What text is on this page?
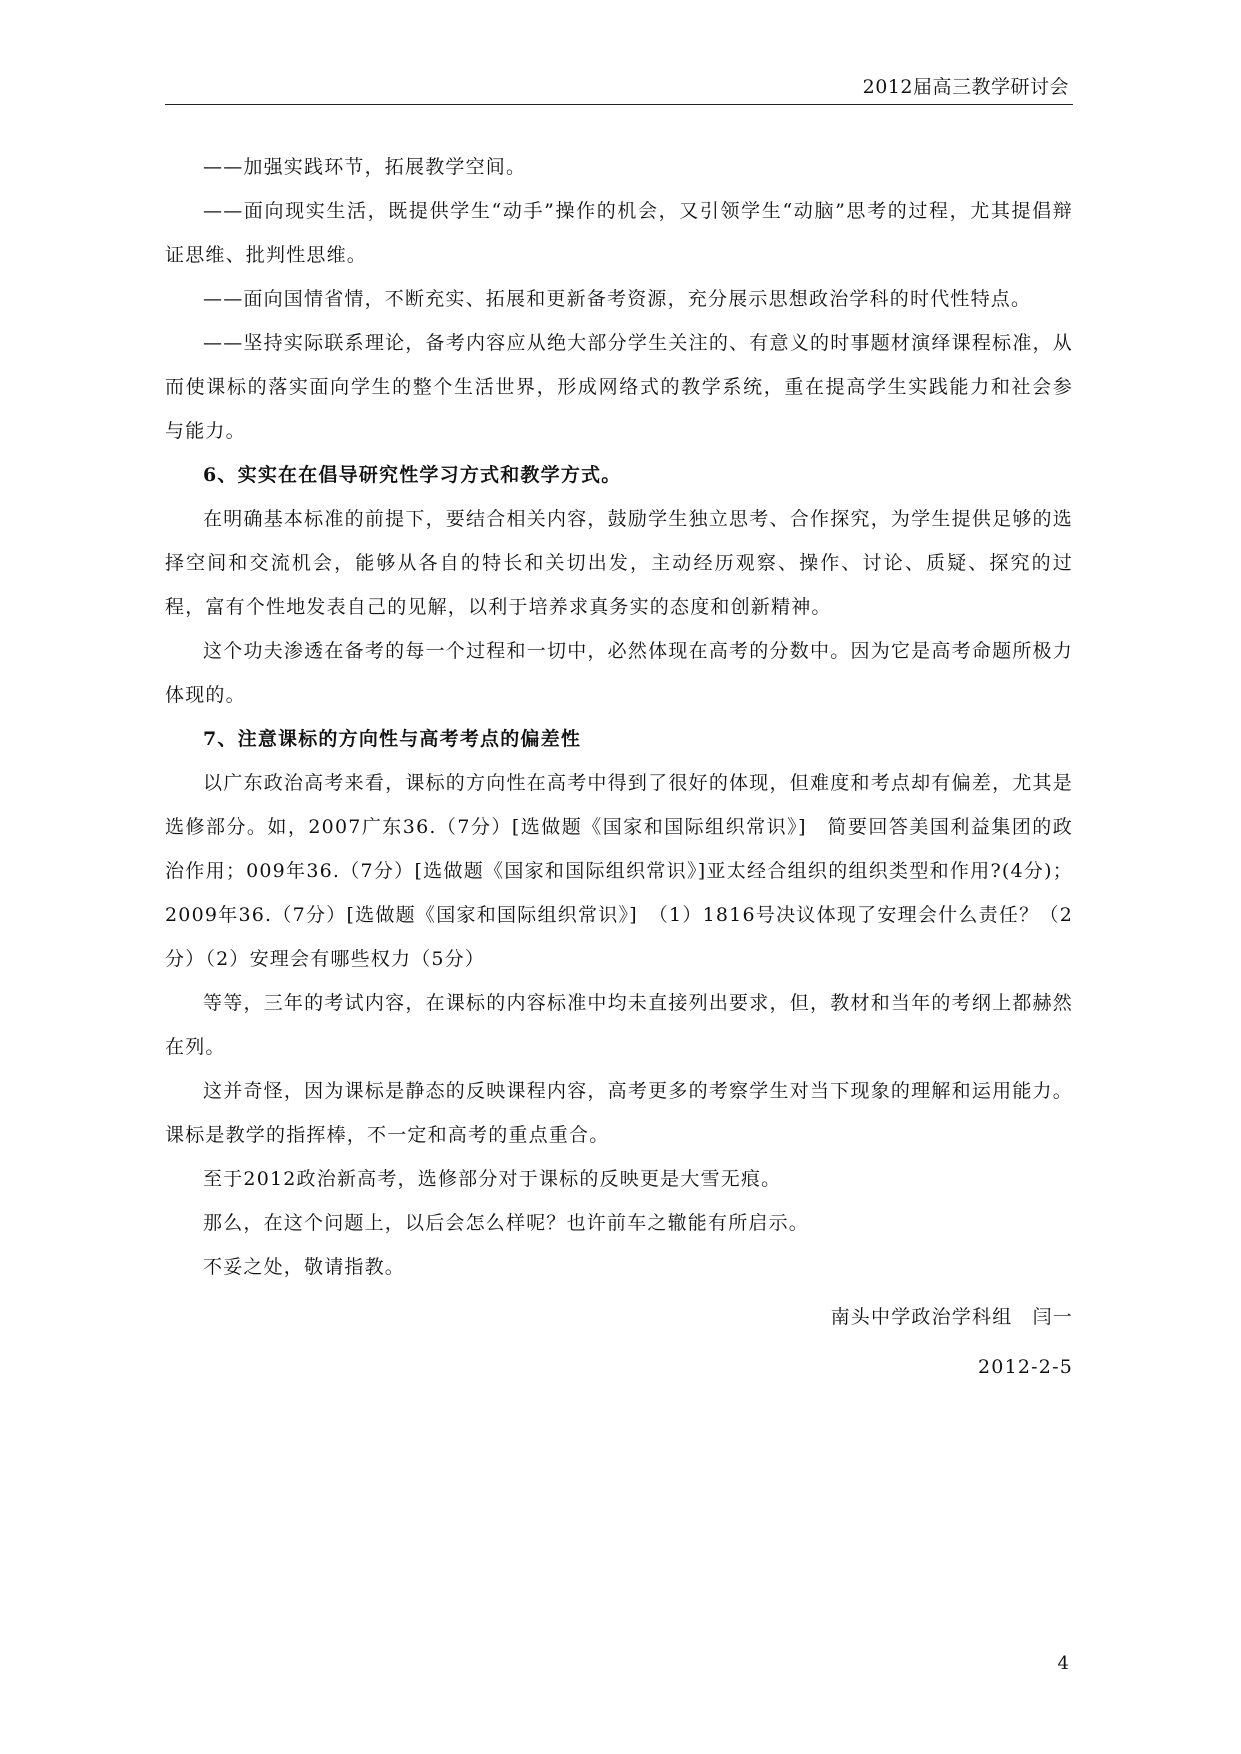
2012届高三教学研讨会

——加强实践环节，拓展教学空间。

——面向现实生活，既提供学生“动手”操作的机会，又引领学生“动脑”思考的过程，尤其提倡辩证思维、批判性思维。

——面向国情省情，不断充实、拓展和更新备考资源，充分展示思想政治学科的时代性特点。

——坚持实际联系理论，备考内容应从绝大部分学生关注的、有意义的时事题材演绎课程标准，从而使课标的落实面向学生的整个生活世界，形成网络式的教学系统，重在提高学生实践能力和社会参与能力。

6、实实在在倡导研究性学习方式和教学方式。

在明确基本标准的前提下，要结合相关内容，鼓励学生独立思考、合作探究，为学生提供足够的选择空间和交流机会，能够从各自的特长和关切出发，主动经历观察、操作、讨论、质疑、探究的过程，富有个性地发表自己的见解，以利于培养求真务实的态度和创新精神。

这个功夫渗透在备考的每一个过程和一切中，必然体现在高考的分数中。因为它是高考命题所极力体现的。

7、注意课标的方向性与高考考点的偏差性

以广东政治高考来看，课标的方向性在高考中得到了很好的体现，但难度和考点却有偏差，尤其是选修部分。如，2007广东36.（7分）[选做题《国家和国际组织常识》]　简要回答美国利益集团的政治作用；009年36.（7分）[选做题《国家和国际组织常识》]亚太经合组织的组织类型和作用?(4分)；2009年36.（7分）[选做题《国家和国际组织常识》]　（1）1816号决议体现了安理会什么责任？（2分）（2）安理会有哪些权力（5分）

等等，三年的考试内容，在课标的内容标准中均未直接列出要求，但，教材和当年的考纲上都赫然在列。

这并奇怪，因为课标是静态的反映课程内容，高考更多的考察学生对当下现象的理解和运用能力。课标是教学的指挥棒，不一定和高考的重点重合。

至于2012政治新高考，选修部分对于课标的反映更是大雪无痕。

那么，在这个问题上，以后会怎么样呢？也许前车之辙能有所启示。

不妥之处，敬请指教。

南头中学政治学科组　闫一

2012-2-5

4
